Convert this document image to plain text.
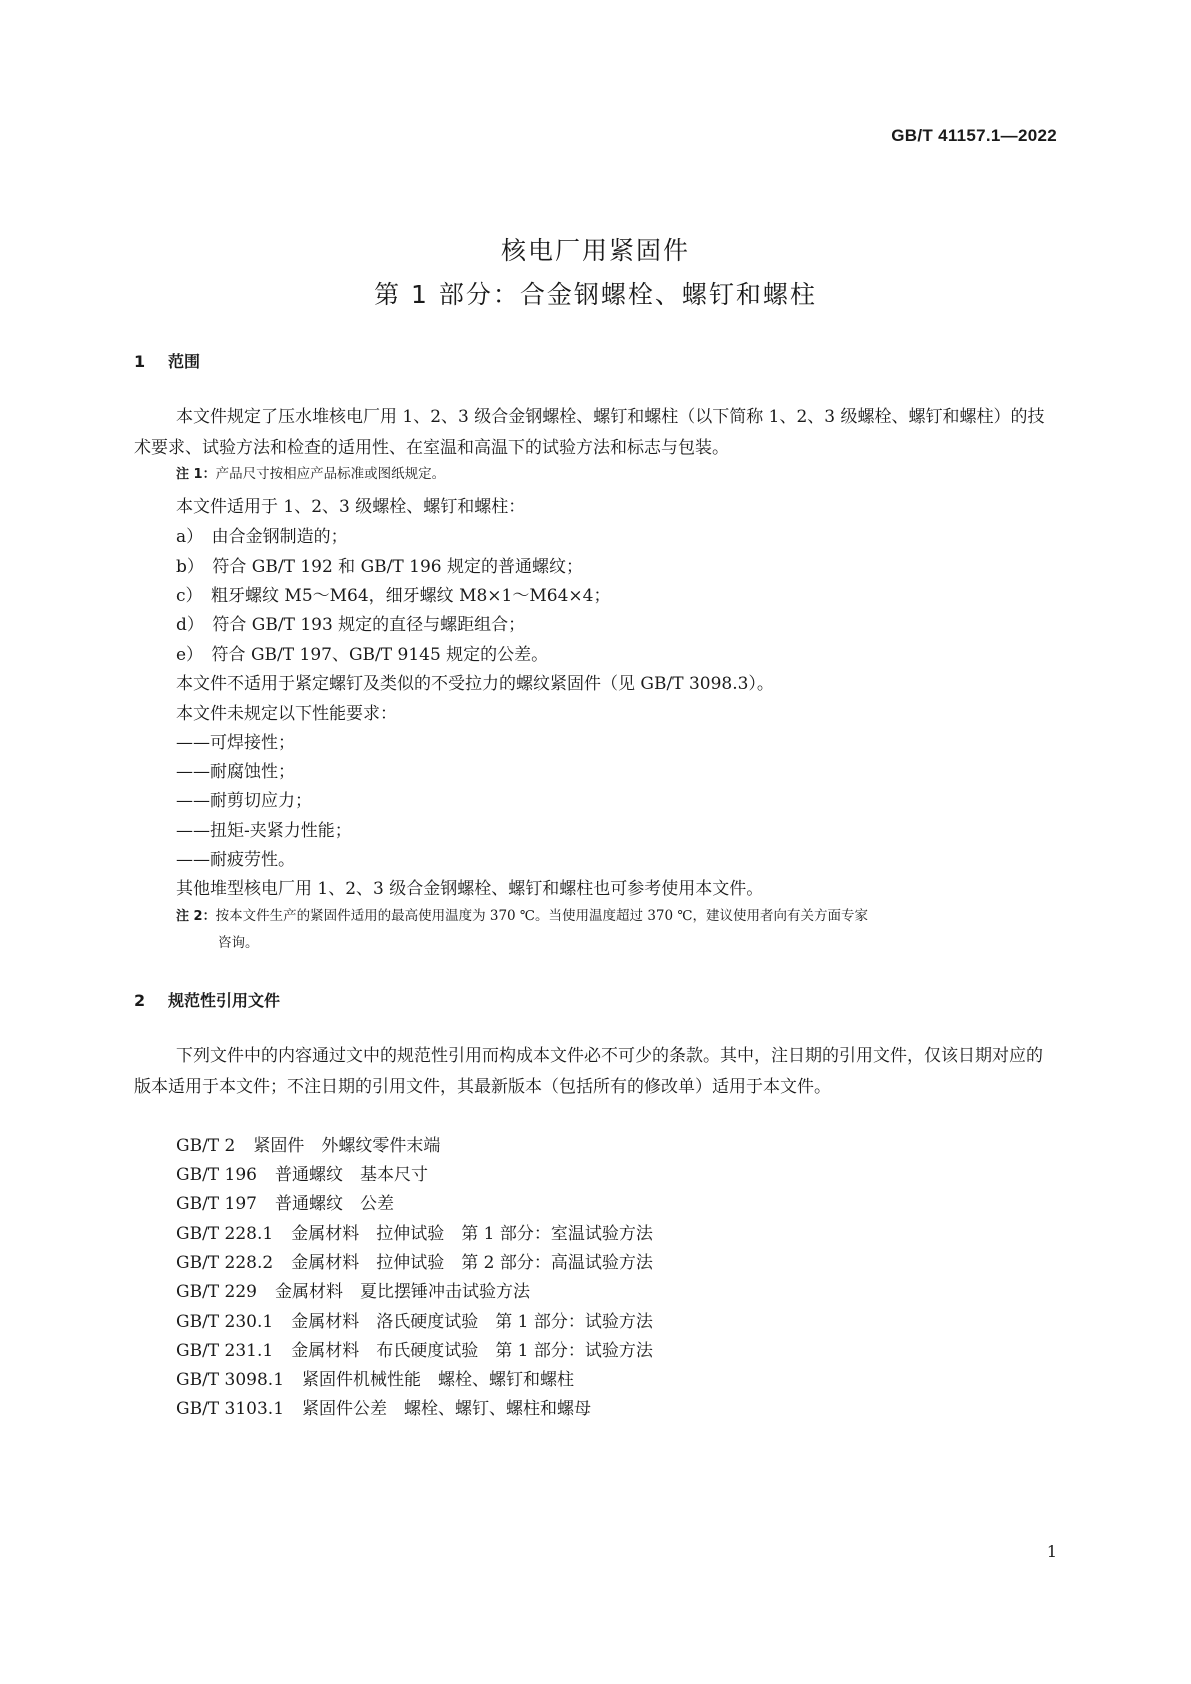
GB/T 41157.1—2022
核电厂用紧固件
第 1 部分：合金钢螺栓、螺钉和螺柱
1 范围

本文件规定了压水堆核电厂用 1、2、3 级合金钢螺栓、螺钉和螺柱（以下简称 1、2、3 级螺栓、螺钉和螺柱）的技术要求、试验方法和检查的适用性、在室温和高温下的试验方法和标志与包装。

注 1：产品尺寸按相应产品标准或图纸规定。

本文件适用于 1、2、3 级螺栓、螺钉和螺柱：

a）　由合金钢制造的；

b）　符合 GB/T 192 和 GB/T 196 规定的普通螺纹；

c）　粗牙螺纹 M5～M64，细牙螺纹 M8×1～M64×4；

d）　符合 GB/T 193 规定的直径与螺距组合；

e）　符合 GB/T 197、GB/T 9145 规定的公差。

本文件不适用于紧定螺钉及类似的不受拉力的螺纹紧固件（见 GB/T 3098.3）。

本文件未规定以下性能要求：

——可焊接性；

——耐腐蚀性；

——耐剪切应力；

——扭矩-夹紧力性能；

——耐疲劳性。

其他堆型核电厂用 1、2、3 级合金钢螺栓、螺钉和螺柱也可参考使用本文件。

注 2：按本文件生产的紧固件适用的最高使用温度为 370 ℃。当使用温度超过 370 ℃，建议使用者向有关方面专家
咨询。

2 规范性引用文件

下列文件中的内容通过文中的规范性引用而构成本文件必不可少的条款。其中，注日期的引用文件，仅该日期对应的版本适用于本文件；不注日期的引用文件，其最新版本（包括所有的修改单）适用于本文件。

GB/T 2 紧固件　外螺纹零件末端

GB/T 196 普通螺纹　基本尺寸

GB/T 197 普通螺纹　公差

GB/T 228.1 金属材料　拉伸试验　第 1 部分：室温试验方法

GB/T 228.2 金属材料　拉伸试验　第 2 部分：高温试验方法

GB/T 229 金属材料　夏比摆锤冲击试验方法

GB/T 230.1 金属材料　洛氏硬度试验　第 1 部分：试验方法

GB/T 231.1 金属材料　布氏硬度试验　第 1 部分：试验方法

GB/T 3098.1 紧固件机械性能　螺栓、螺钉和螺柱

GB/T 3103.1 紧固件公差　螺栓、螺钉、螺柱和螺母

1
